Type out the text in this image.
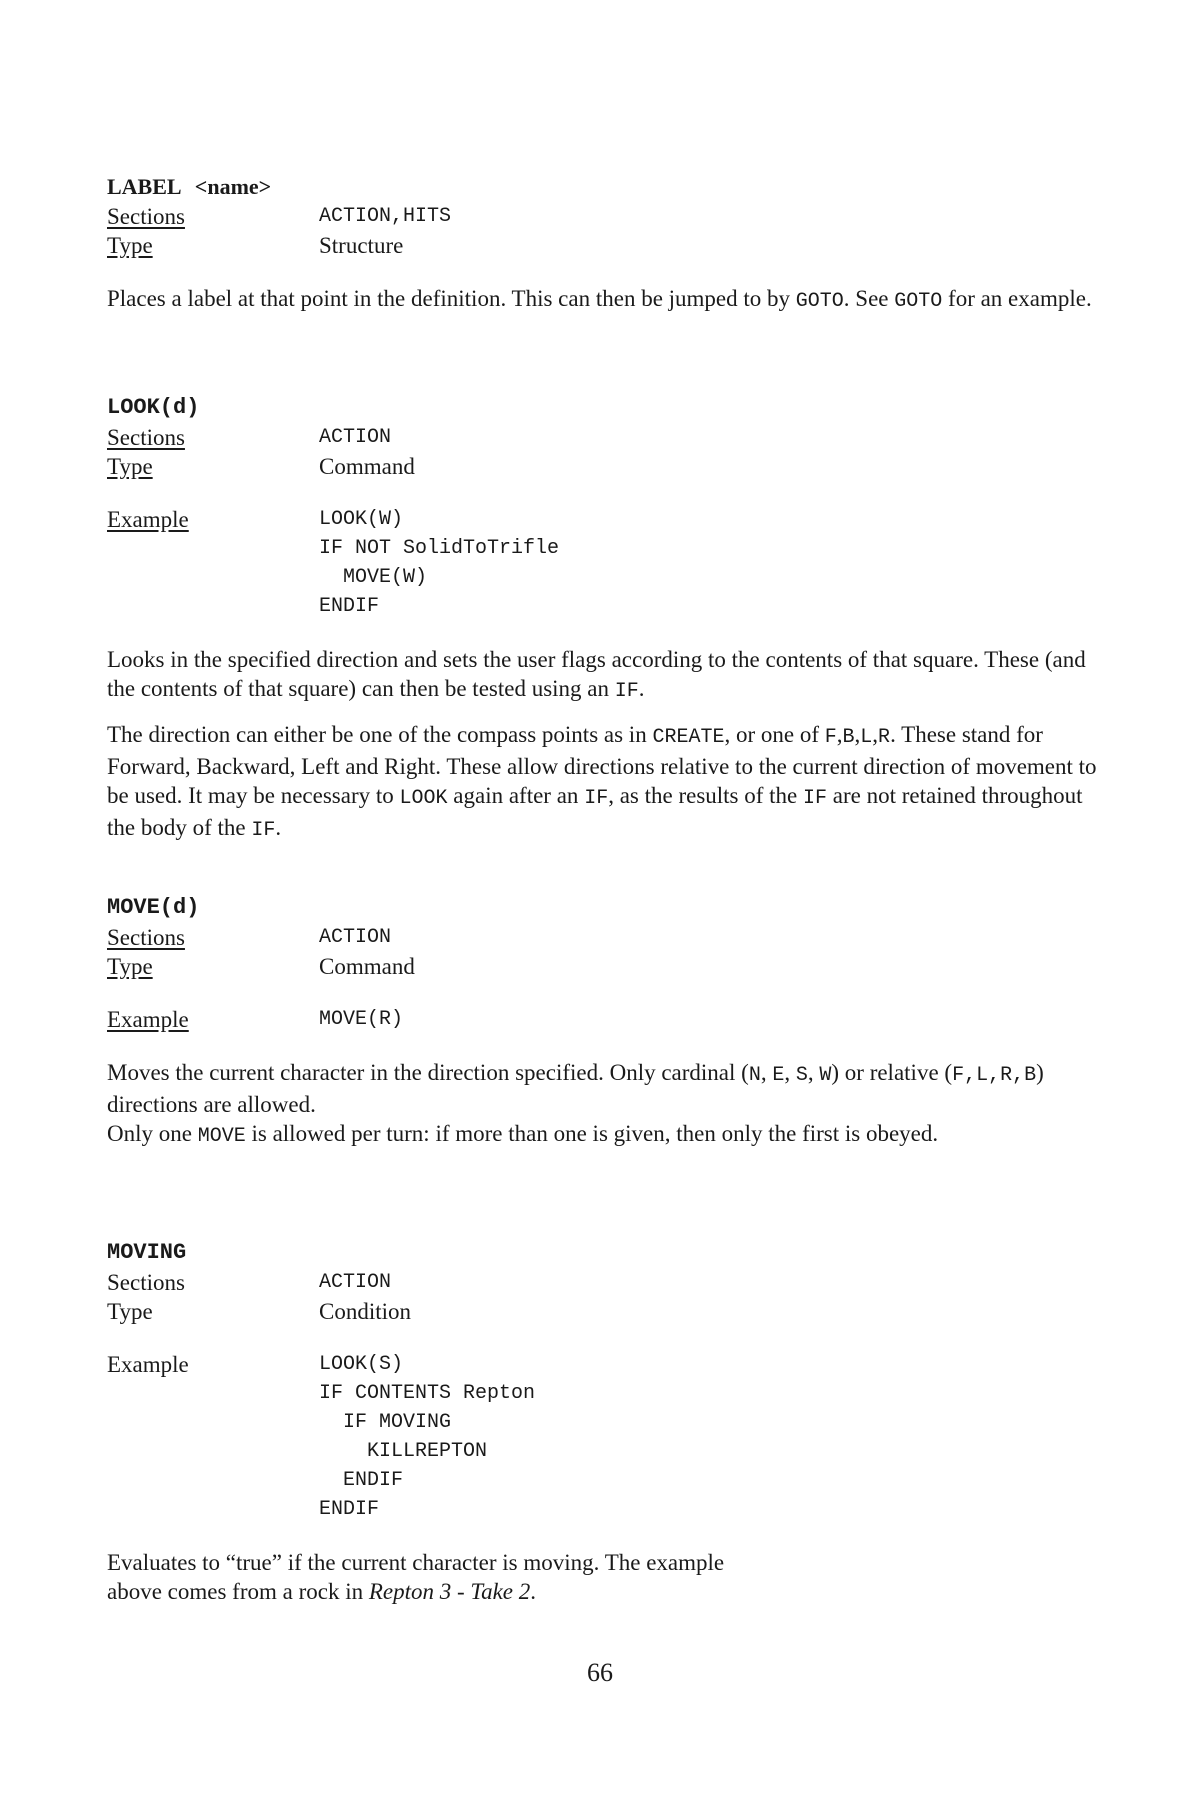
LABEL <name>
Sections	ACTION,HITS
Type	Structure

Places a label at that point in the definition. This can then be jumped to by GOTO. See GOTO for an example.

LOOK(d)
Sections	ACTION
Type	Command
Example	LOOK(W)
IF NOT SolidToTrifle
MOVE(W)
ENDIF

Looks in the specified direction and sets the user flags according to the contents of that square. These (and the contents of that square) can then be tested using an IF.

The direction can either be one of the compass points as in CREATE, or one of F,B,L,R. These stand for Forward, Backward, Left and Right. These allow directions relative to the current direction of movement to be used. It may be necessary to LOOK again after an IF, as the results of the IF are not retained throughout the body of the IF.

MOVE(d)
Sections	ACTION
Type	Command
Example	MOVE(R)

Moves the current character in the direction specified. Only cardinal (N, E, S, W) or relative (F,L,R,B) directions are allowed.
Only one MOVE is allowed per turn: if more than one is given, then only the first is obeyed.

MOVING
Sections	ACTION
Type	Condition
Example	LOOK(S)
IF CONTENTS Repton
IF MOVING
KILLREPTON
ENDIF
ENDIF

Evaluates to “true” if the current character is moving. The example
above comes from a rock in Repton 3 - Take 2.

66
